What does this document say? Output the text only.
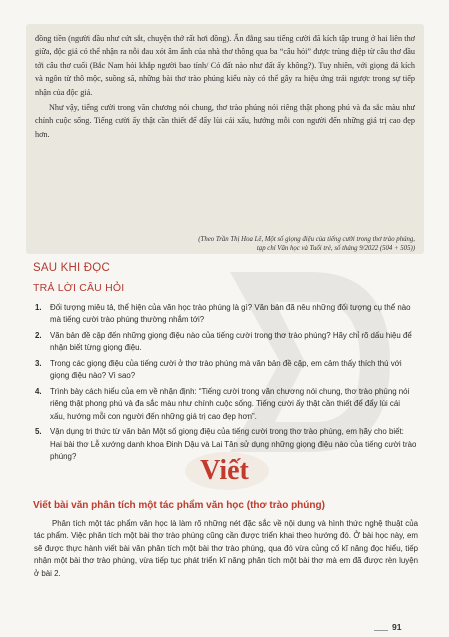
đồng tiền (người đầu như cứt sắt, chuyện thớ rất hơi đồng). Ẩn đằng sau tiếng cười đã kích tập trung ở hai liên thơ giữa, độc giả có thể nhận ra nỗi đau xót âm ẩnh của nhà thơ thông qua ba “câu hỏi” được trùng điệp từ câu thơ đầu tới câu thơ cuối (Bắc Nam hỏi khắp người bao tỉnh/ Có đất nào như đất ấy không?). Tuy nhiên, với giọng đả kích và ngôn từ thô mộc, suồng sã, những bài thơ trào phúng kiểu này có thể gây ra hiệu ứng trái ngược trong sự tiếp nhận của độc giả.

Như vậy, tiếng cười trong văn chương nói chung, thơ trào phúng nói riêng thật phong phú và đa sắc màu như chính cuộc sống. Tiếng cười ấy thật cần thiết để đẩy lùi cái xấu, hướng mỗi con người đến những giá trị cao đẹp hơn.

(Theo Trần Thị Hoa Lê, Một số giọng điệu của tiếng cười trong thơ trào phúng,
tạp chí Văn học và Tuổi trẻ, số tháng 9/2022 (504 + 505))
SAU KHI ĐỌC
TRẢ LỜI CÂU HỎI
1. Đối tượng miêu tả, thể hiện của văn học trào phúng là gì? Văn bản đã nêu những đối tượng cụ thể nào mà tiếng cười trào phúng thường nhắm tới?
2. Văn bản đề cập đến những giọng điệu nào của tiếng cười trong thơ trào phúng? Hãy chỉ rõ dấu hiệu để nhận biết từng giọng điệu.
3. Trong các giọng điệu của tiếng cười ở thơ trào phúng mà văn bản đề cập, em cảm thấy thích thú với giọng điệu nào? Vì sao?
4. Trình bày cách hiểu của em về nhận định: “Tiếng cười trong văn chương nói chung, thơ trào phúng nói riêng thật phong phú và đa sắc màu như chính cuộc sống. Tiếng cười ấy thật cần thiết để đẩy lùi cái xấu, hướng mỗi con người đến những giá trị cao đẹp hơn”.
5. Vận dụng tri thức từ văn bản Một số giọng điệu của tiếng cười trong thơ trào phúng, em hãy cho biết: Hai bài thơ Lễ xướng danh khoa Đinh Dậu và Lai Tân sử dụng những giọng điệu nào của tiếng cười trào phúng?	Viết
Viết bài văn phân tích một tác phẩm văn học (thơ trào phúng)

Phân tích một tác phẩm văn học là làm rõ những nét đặc sắc về nội dung và hình thức nghệ thuật của tác phẩm. Việc phân tích một bài thơ trào phúng cũng cần được triển khai theo hướng đó. Ở bài học này, em sẽ được thực hành viết bài văn phân tích một bài thơ trào phúng, qua đó vừa củng cố kĩ năng đọc hiểu, tiếp nhận một bài thơ trào phúng, vừa tiếp tục phát triển kĩ năng phân tích một bài thơ mà em đã được rèn luyện ở bài 2.

91
